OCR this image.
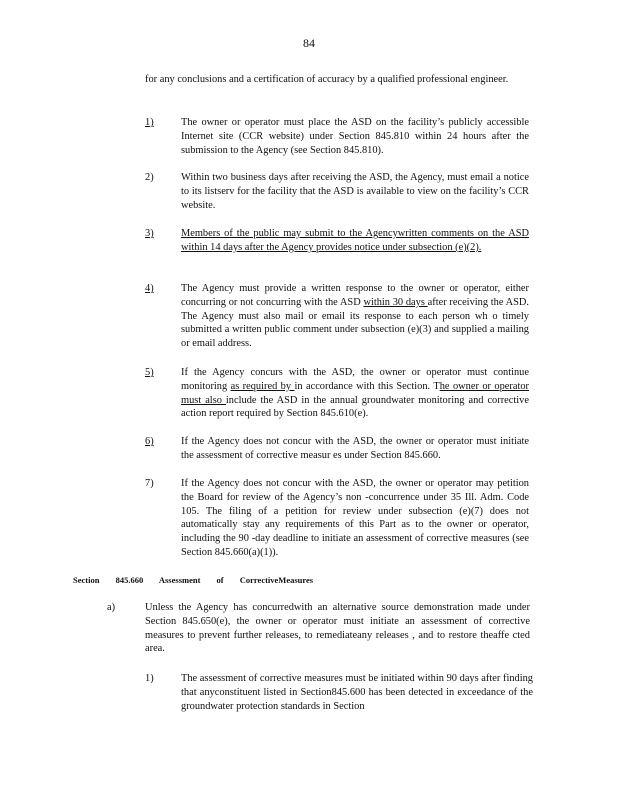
84
for any conclusions and a certification of accuracy by a qualified professional engineer.
1)	The owner or operator must place the ASD on the facility’s publicly accessible Internet site (CCR website) under Section 845.810 within 24 hours after the submission to the Agency (see Section 845.810).
2)	Within two business days after receiving the ASD, the Agency, must email a notice to its listserv for the facility that the ASD is available to view on the facility’s CCR website.
3)	Members of the public may submit to the Agencywritten comments on the ASD within 14 days after the Agency provides notice under subsection (e)(2).
4)	The Agency must provide a written response to the owner or operator, either concurring or not concurring with the ASD within 30 days after receiving the ASD. The Agency must also mail or email its response to each person wh o timely submitted a written public comment under subsection (e)(3) and supplied a mailing or email address.
5)	If the Agency concurs with the ASD, the owner or operator must continue monitoring as required by in accordance with this Section. The owner or operator must also include the ASD in the annual groundwater monitoring and corrective action report required by Section 845.610(e).
6)	If the Agency does not concur with the ASD, the owner or operator must initiate the assessment of corrective measur es under Section 845.660.
7)	If the Agency does not concur with the ASD, the owner or operator may petition the Board for review of the Agency’s non -concurrence under 35 Ill. Adm. Code 105. The filing of a petition for review under subsection (e)(7) does not automatically stay any requirements of this Part as to the owner or operator, including the 90 -day deadline to initiate an assessment of corrective measures (see Section 845.660(a)(1)).
Section 845.660 Assessment of CorrectiveMeasures
a)	Unless the Agency has concurredwith an alternative source demonstration made under Section 845.650(e), the owner or operator must initiate an assessment of corrective measures to prevent further releases, to remediateany releases , and to restore theaffe cted area.
1)	The assessment of corrective measures must be initiated within 90 days after finding that anyconstituent listed in Section845.600 has been detected in exceedance of the groundwater protection standards in Section
